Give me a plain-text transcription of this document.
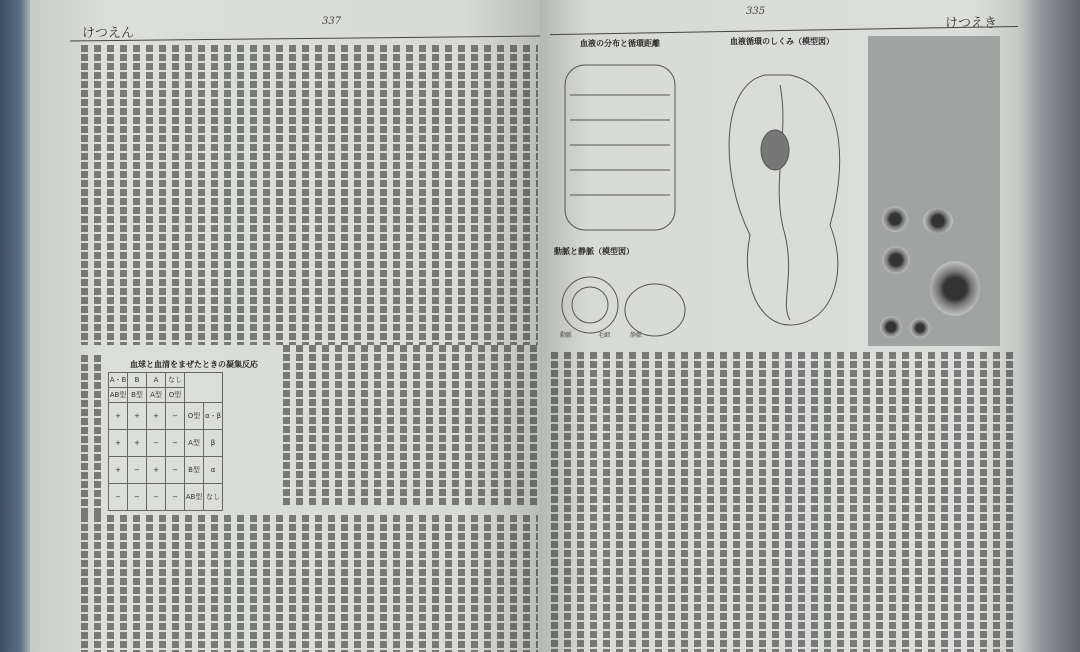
けつえん
337
血球と血清をまぜたときの凝集反応
A・B	B	A	なし		
AB型	B型	A型	O型		
+	+	+	−	O型	α・β
+	+	−	−	A型	β
+	−	+	−	B型	α
−	−	−	−	AB型	なし
335
けつえき
血液の分布と循環距離	血液循環のしくみ（模型図）
動脈と静脈（模型図）
動脈	毛細	静脈
